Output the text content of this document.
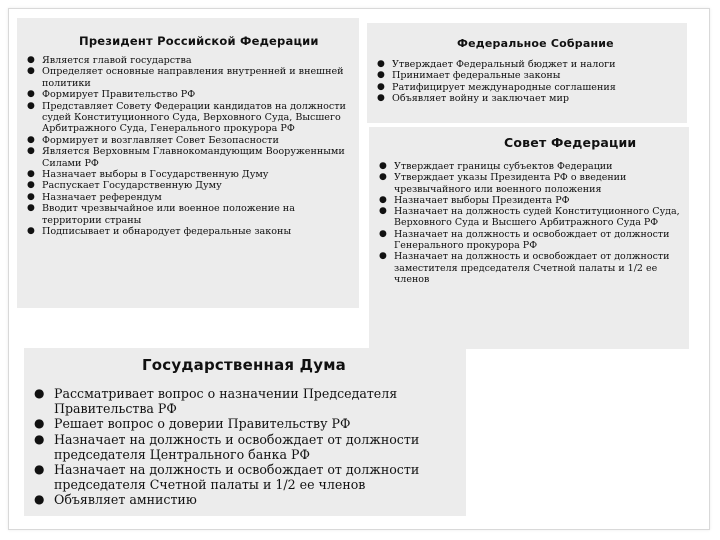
Президент Российской Федерации
● Является главой государства
● Определяет основные направления внутренней и внешней политики
● Формирует Правительство РФ
● Представляет Совету Федерации кандидатов на должности судей Конституционного Суда, Верховного Суда, Высшего Арбитражного Суда, Генерального прокурора РФ
● Формирует и возглавляет Совет Безопасности
● Является Верховным Главнокомандующим Вооруженными Силами РФ
● Назначает выборы в Государственную Думу
● Распускает Государственную Думу
● Назначает референдум
● Вводит чрезвычайное или военное положение на территории страны
● Подписывает и обнародует федеральные законы
Федеральное Собрание
● Утверждает Федеральный бюджет и налоги
● Принимает федеральные законы
● Ратифицирует международные соглашения
● Объявляет войну и заключает мир
Совет Федерации
● Утверждает границы субъектов Федерации
● Утверждает указы Президента РФ о введении чрезвычайного или военного положения
● Назначает выборы Президента РФ
● Назначает на должность судей Конституционного Суда, Верховного Суда и Высшего Арбитражного Суда РФ
● Назначает на должность и освобождает от должности Генерального прокурора РФ
● Назначает на должность и освобождает от должности заместителя председателя Счетной палаты и 1/2 ее членов
Государственная Дума
● Рассматривает вопрос о назначении Председателя Правительства РФ
● Решает вопрос о доверии Правительству РФ
● Назначает на должность и освобождает от должности председателя Центрального банка РФ
● Назначает на должность и освобождает от должности председателя Счетной палаты и 1/2 ее членов
● Объявляет амнистию
